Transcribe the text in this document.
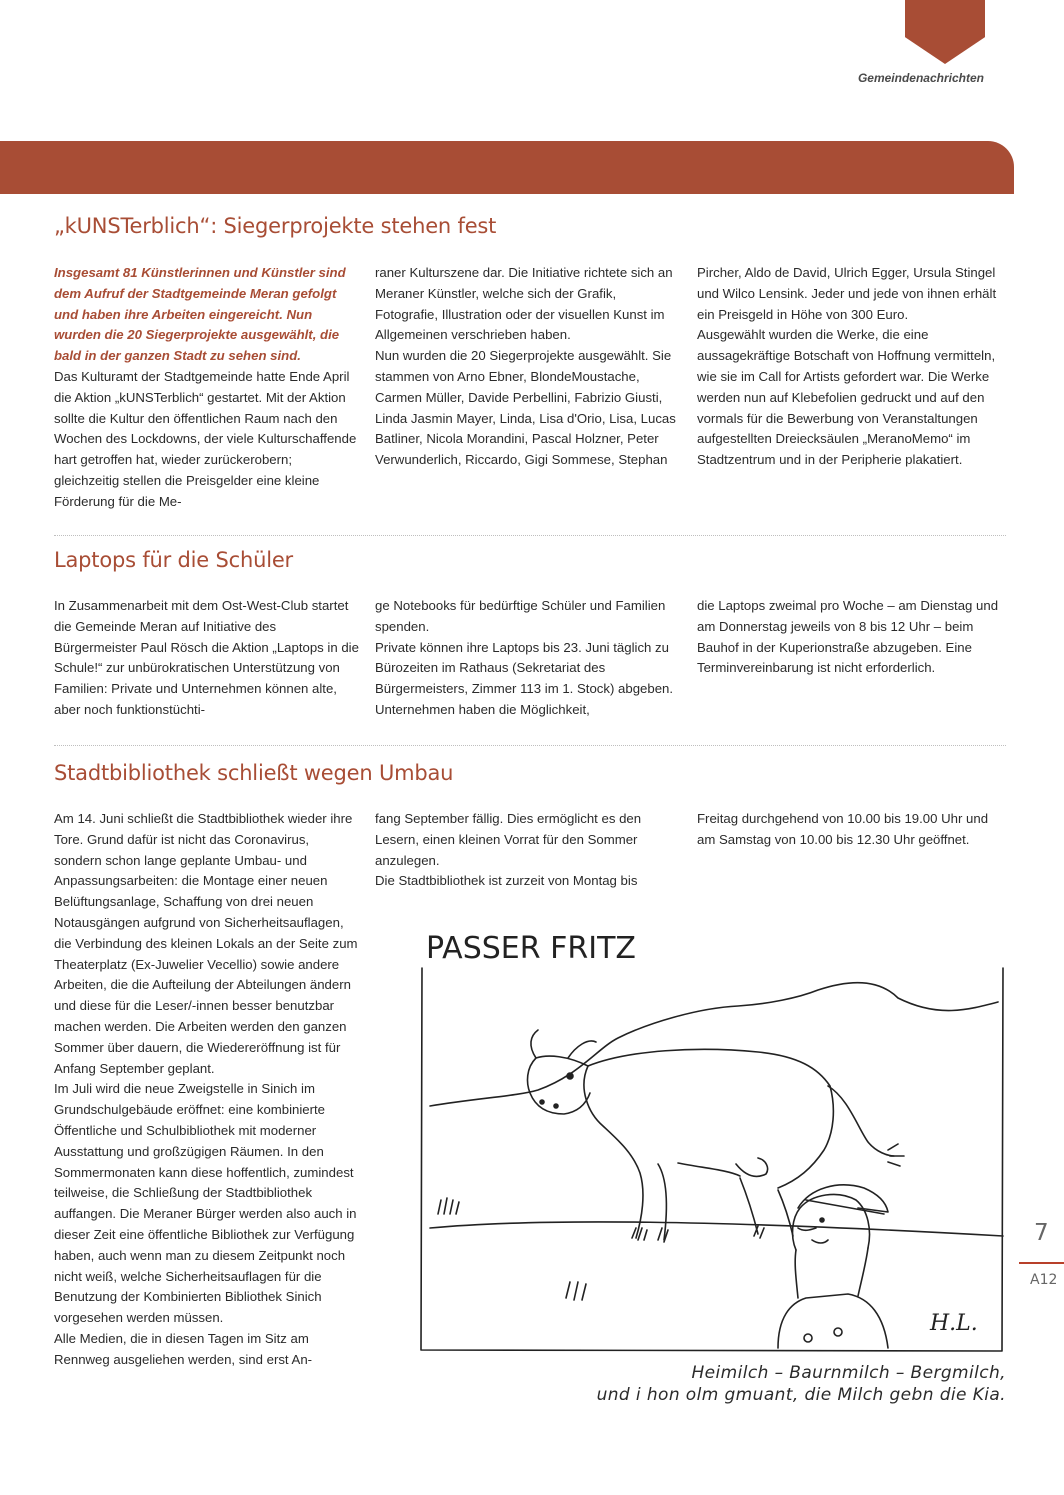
Gemeindenachrichten
„kUNSTerblich“: Siegerprojekte stehen fest

Insgesamt 81 Künstlerinnen und Künstler sind dem Aufruf der Stadtgemeinde Meran gefolgt und haben ihre Arbeiten eingereicht. Nun wurden die 20 Siegerprojekte ausgewählt, die bald in der ganzen Stadt zu sehen sind.

Das Kulturamt der Stadtgemeinde hatte Ende April die Aktion „kUNSTerblich“ gestartet. Mit der Aktion sollte die Kultur den öffentlichen Raum nach den Wochen des Lockdowns, der viele Kulturschaffende hart getroffen hat, wieder zurückerobern; gleichzeitig stellen die Preisgelder eine kleine Förderung für die Me-

raner Kulturszene dar. Die Initiative richtete sich an Meraner Künstler, welche sich der Grafik, Fotografie, Illustration oder der visuellen Kunst im Allgemeinen verschrieben haben.

Nun wurden die 20 Siegerprojekte ausgewählt. Sie stammen von Arno Ebner, BlondeMoustache, Carmen Müller, Davide Perbellini, Fabrizio Giusti, Linda Jasmin Mayer, Linda, Lisa d'Orio, Lisa, Lucas Batliner, Nicola Morandini, Pascal Holzner, Peter Verwunderlich, Riccardo, Gigi Sommese, Stephan

Pircher, Aldo de David, Ulrich Egger, Ursula Stingel und Wilco Lensink. Jeder und jede von ihnen erhält ein Preisgeld in Höhe von 300 Euro.

Ausgewählt wurden die Werke, die eine aussagekräftige Botschaft von Hoffnung vermitteln, wie sie im Call for Artists gefordert war. Die Werke werden nun auf Klebefolien gedruckt und auf den vormals für die Bewerbung von Veranstaltungen aufgestellten Dreiecksäulen „MeranoMemo“ im Stadtzentrum und in der Peripherie plakatiert.

Laptops für die Schüler

In Zusammenarbeit mit dem Ost-West-Club startet die Gemeinde Meran auf Initiative des Bürgermeister Paul Rösch die Aktion „Laptops in die Schule!“ zur unbürokratischen Unterstützung von Familien: Private und Unternehmen können alte, aber noch funktionstüchti-

ge Notebooks für bedürftige Schüler und Familien spenden.

Private können ihre Laptops bis 23. Juni täglich zu Bürozeiten im Rathaus (Sekretariat des Bürgermeisters, Zimmer 113 im 1. Stock) abgeben. Unternehmen haben die Möglichkeit,

die Laptops zweimal pro Woche – am Dienstag und am Donnerstag jeweils von 8 bis 12 Uhr – beim Bauhof in der Kuperionstraße abzugeben. Eine Terminvereinbarung ist nicht erforderlich.

Stadtbibliothek schließt wegen Umbau

Am 14. Juni schließt die Stadtbibliothek wieder ihre Tore. Grund dafür ist nicht das Coronavirus, sondern schon lange geplante Umbau- und Anpassungsarbeiten: die Montage einer neuen Belüftungsanlage, Schaffung von drei neuen Notausgängen aufgrund von Sicherheitsauflagen, die Verbindung des kleinen Lokals an der Seite zum Theaterplatz (Ex-Juwelier Vecellio) sowie andere Arbeiten, die die Aufteilung der Abteilungen ändern und diese für die Leser/-innen besser benutzbar machen werden. Die Arbeiten werden den ganzen Sommer über dauern, die Wiedereröffnung ist für Anfang September geplant.

Im Juli wird die neue Zweigstelle in Sinich im Grundschulgebäude eröffnet: eine kombinierte Öffentliche und Schulbibliothek mit moderner Ausstattung und großzügigen Räumen. In den Sommermonaten kann diese hoffentlich, zumindest teilweise, die Schließung der Stadtbibliothek auffangen. Die Meraner Bürger werden also auch in dieser Zeit eine öffentliche Bibliothek zur Verfügung haben, auch wenn man zu diesem Zeitpunkt noch nicht weiß, welche Sicherheitsauflagen für die Benutzung der Kombinierten Bibliothek Sinich vorgesehen werden müssen.

Alle Medien, die in diesen Tagen im Sitz am Rennweg ausgeliehen werden, sind erst An-

fang September fällig. Dies ermöglicht es den Lesern, einen kleinen Vorrat für den Sommer anzulegen.

Die Stadtbibliothek ist zurzeit von Montag bis

Freitag durchgehend von 10.00 bis 19.00 Uhr und am Samstag von 10.00 bis 12.30 Uhr geöffnet.

PASSER FRITZ
H.L.
Heimilch – Baurnmilch – Bergmilch,
und i hon olm gmuant, die Milch gebn die Kia.
7
A12
